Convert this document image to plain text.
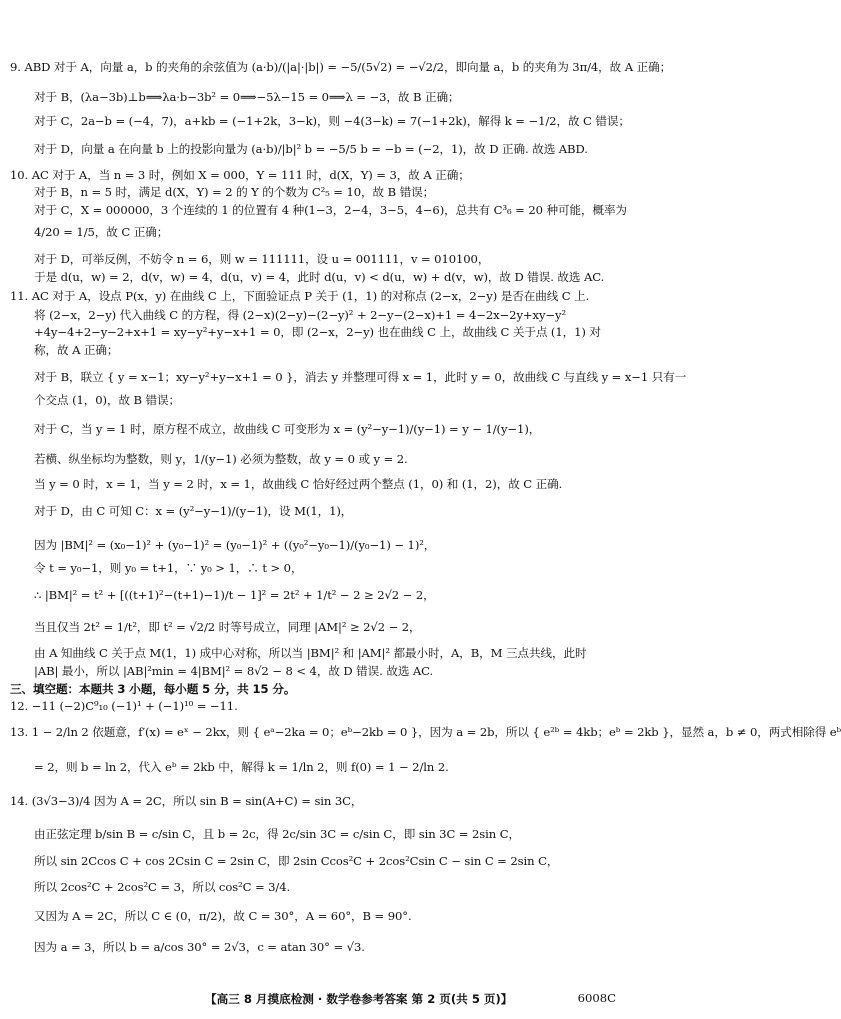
9. ABD 对于 A，向量 a，b 的夹角的余弦值为 (a·b)/(|a|·|b|) = −5/(5√2) = −√2/2，即向量 a，b 的夹角为 3π/4，故 A 正确；
对于 B，(λa−3b)⊥b⟹λa·b−3b² = 0⟹−5λ−15 = 0⟹λ = −3，故 B 正确；
对于 C，2a−b = (−4，7)，a+kb = (−1+2k，3−k)，则 −4(3−k) = 7(−1+2k)，解得 k = −1/2，故 C 错误；
对于 D，向量 a 在向量 b 上的投影向量为 (a·b)/|b|² b = −5/5 b = −b = (−2，1)，故 D 正确. 故选 ABD.
10. AC 对于 A，当 n = 3 时，例如 X = 000，Y = 111 时，d(X，Y) = 3，故 A 正确；
对于 B，n = 5 时，满足 d(X，Y) = 2 的 Y 的个数为 C²₅ = 10，故 B 错误；
对于 C，X = 000000，3 个连续的 1 的位置有 4 种(1−3，2−4，3−5，4−6)，总共有 C³₆ = 20 种可能，概率为
4/20 = 1/5，故 C 正确；
对于 D，可举反例，不妨令 n = 6，则 w = 111111，设 u = 001111，v = 010100，
于是 d(u，w) = 2，d(v，w) = 4，d(u，v) = 4，此时 d(u，v) < d(u，w) + d(v，w)，故 D 错误. 故选 AC.
11. AC 对于 A，设点 P(x，y) 在曲线 C 上，下面验证点 P 关于 (1，1) 的对称点 (2−x，2−y) 是否在曲线 C 上.
将 (2−x，2−y) 代入曲线 C 的方程，得 (2−x)(2−y)−(2−y)² + 2−y−(2−x)+1 = 4−2x−2y+xy−y²
+4y−4+2−y−2+x+1 = xy−y²+y−x+1 = 0，即 (2−x，2−y) 也在曲线 C 上，故曲线 C 关于点 (1，1) 对
称，故 A 正确；
对于 B，联立 { y = x−1；xy−y²+y−x+1 = 0 }，消去 y 并整理可得 x = 1，此时 y = 0，故曲线 C 与直线 y = x−1 只有一
个交点 (1，0)，故 B 错误；
对于 C，当 y = 1 时，原方程不成立，故曲线 C 可变形为 x = (y²−y−1)/(y−1) = y − 1/(y−1)，
若横、纵坐标均为整数，则 y，1/(y−1) 必须为整数，故 y = 0 或 y = 2.
当 y = 0 时，x = 1，当 y = 2 时，x = 1，故曲线 C 恰好经过两个整点 (1，0) 和 (1，2)，故 C 正确.
对于 D，由 C 可知 C：x = (y²−y−1)/(y−1)，设 M(1，1)，
因为 |BM|² = (x₀−1)² + (y₀−1)² = (y₀−1)² + ((y₀²−y₀−1)/(y₀−1) − 1)²，
令 t = y₀−1，则 y₀ = t+1，∵ y₀ > 1，∴ t > 0，
∴ |BM|² = t² + [((t+1)²−(t+1)−1)/t − 1]² = 2t² + 1/t² − 2 ≥ 2√2 − 2，
当且仅当 2t² = 1/t²，即 t² = √2/2 时等号成立，同理 |AM|² ≥ 2√2 − 2，
由 A 知曲线 C 关于点 M(1，1) 成中心对称，所以当 |BM|² 和 |AM|² 都最小时，A，B，M 三点共线，此时
|AB| 最小，所以 |AB|²min = 4|BM|² = 8√2 − 8 < 4，故 D 错误. 故选 AC.
三、填空题：本题共 3 小题，每小题 5 分，共 15 分。
12. −11 (−2)C⁹₁₀ (−1)¹ + (−1)¹⁰ = −11.
13. 1 − 2/ln 2 依题意，f′(x) = eˣ − 2kx，则 { eᵃ−2ka = 0；eᵇ−2kb = 0 }，因为 a = 2b，所以 { e²ᵇ = 4kb；eᵇ = 2kb }，显然 a，b ≠ 0，两式相除得 eᵇ
= 2，则 b = ln 2，代入 eᵇ = 2kb 中，解得 k = 1/ln 2，则 f(0) = 1 − 2/ln 2.
14. (3√3−3)/4 因为 A = 2C，所以 sin B = sin(A+C) = sin 3C，
由正弦定理 b/sin B = c/sin C，且 b = 2c，得 2c/sin 3C = c/sin C，即 sin 3C = 2sin C，
所以 sin 2Ccos C + cos 2Csin C = 2sin C，即 2sin Ccos²C + 2cos²Csin C − sin C = 2sin C，
所以 2cos²C + 2cos²C = 3，所以 cos²C = 3/4.
又因为 A = 2C，所以 C ∈ (0，π/2)，故 C = 30°，A = 60°，B = 90°.
因为 a = 3，所以 b = a/cos 30° = 2√3，c = atan 30° = √3.
【高三 8 月摸底检测 · 数学卷参考答案 第 2 页(共 5 页)】	6008C
